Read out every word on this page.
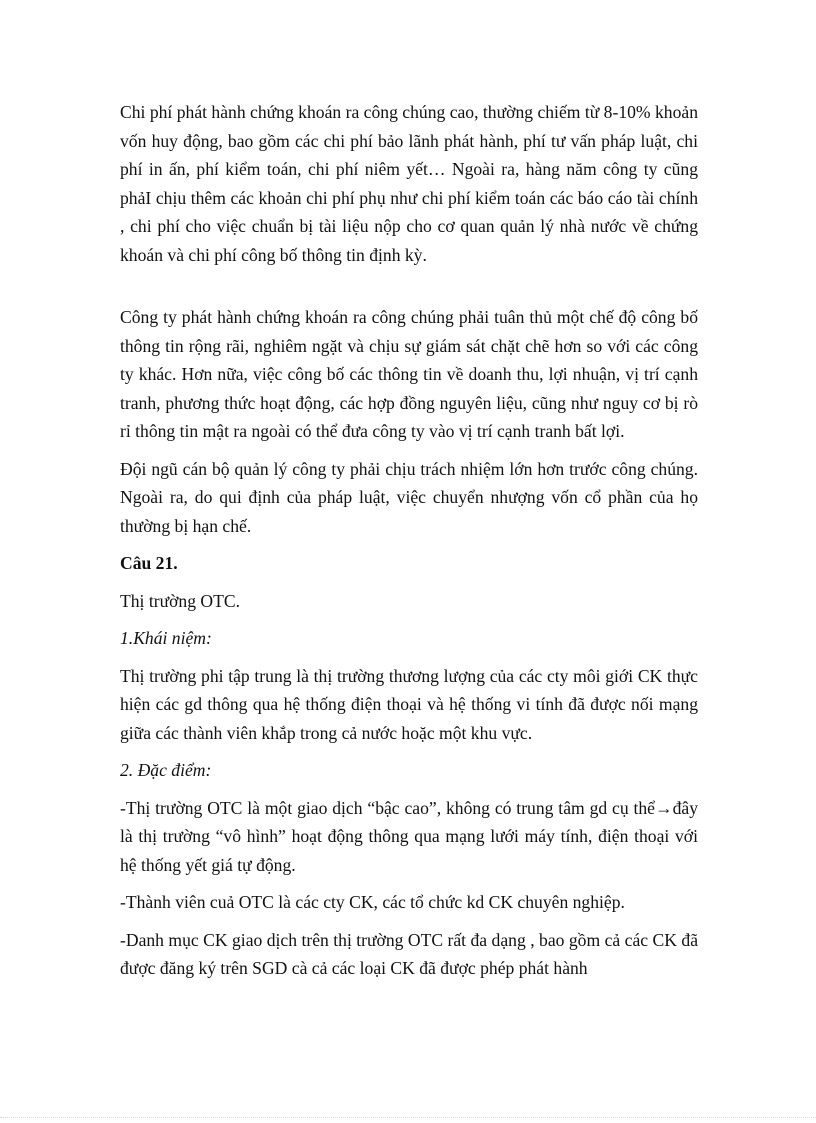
Chi phí phát hành chứng khoán ra công chúng cao, thường chiếm từ 8-10% khoản vốn huy động, bao gồm các chi phí bảo lãnh phát hành, phí tư vấn pháp luật, chi phí in ấn, phí kiểm toán, chi phí niêm yết… Ngoài ra, hàng năm công ty cũng phảI chịu thêm các khoản chi phí phụ như chi phí kiểm toán các báo cáo tài chính , chi phí cho việc chuẩn bị tài liệu nộp cho cơ quan quản lý nhà nước về chứng khoán và chi phí công bố thông tin định kỳ.

Công ty phát hành chứng khoán ra công chúng phải tuân thủ một chế độ công bố thông tin rộng rãi, nghiêm ngặt và chịu sự giám sát chặt chẽ hơn so với các công ty khác. Hơn nữa, việc công bố các thông tin về doanh thu, lợi nhuận, vị trí cạnh tranh, phương thức hoạt động, các hợp đồng nguyên liệu, cũng như nguy cơ bị rò rỉ thông tin mật ra ngoài có thể đưa công ty vào vị trí cạnh tranh bất lợi.

Đội ngũ cán bộ quản lý công ty phải chịu trách nhiệm lớn hơn trước công chúng. Ngoài ra, do qui định của pháp luật, việc chuyển nhượng vốn cổ phần của họ thường bị hạn chế.

Câu 21.

Thị trường OTC.

1.Khái niệm:

Thị trường phi tập trung là thị trường thương lượng của các cty môi giới CK thực hiện các gd thông qua hệ thống điện thoại và hệ thống vi tính đã được nối mạng giữa các thành viên khắp trong cả nước hoặc một khu vực.

2. Đặc điểm:

-Thị trường OTC là một giao dịch “bậc cao”, không có trung tâm gd cụ thể→đây là thị trường “vô hình” hoạt động thông qua mạng lưới máy tính, điện thoại với hệ thống yết giá tự động.

-Thành viên cuả OTC là các cty CK, các tổ chức kd CK chuyên nghiệp.

-Danh mục CK giao dịch trên thị trường OTC rất đa dạng , bao gồm cả các CK đã được đăng ký trên SGD cà cả các loại CK đã được phép phát hành
